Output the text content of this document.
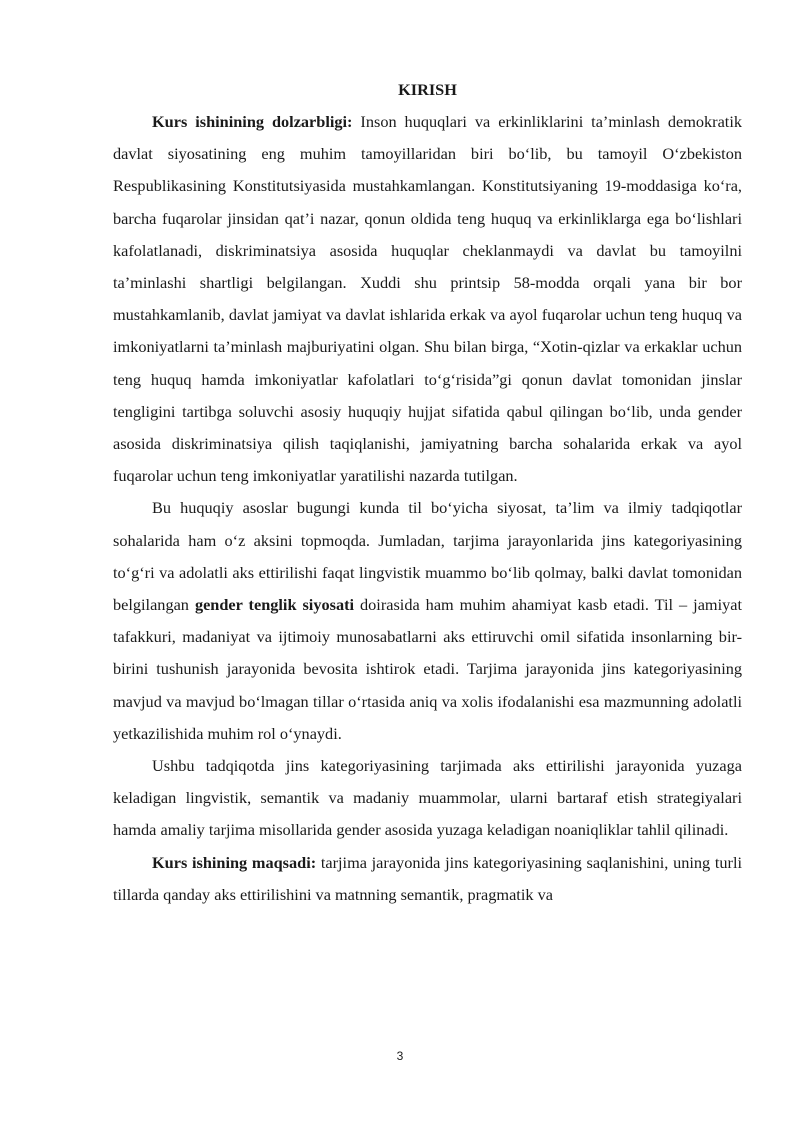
KIRISH

Kurs ishinining dolzarbligi: Inson huquqlari va erkinliklarini ta’minlash demokratik davlat siyosatining eng muhim tamoyillaridan biri bo‘lib, bu tamoyil O‘zbekiston Respublikasining Konstitutsiyasida mustahkamlangan. Konstitutsiyaning 19-moddasiga ko‘ra, barcha fuqarolar jinsidan qat’i nazar, qonun oldida teng huquq va erkinliklarga ega bo‘lishlari kafolatlanadi, diskriminatsiya asosida huquqlar cheklanmaydi va davlat bu tamoyilni ta’minlashi shartligi belgilangan. Xuddi shu printsip 58-modda orqali yana bir bor mustahkamlanib, davlat jamiyat va davlat ishlarida erkak va ayol fuqarolar uchun teng huquq va imkoniyatlarni ta’minlash majburiyatini olgan. Shu bilan birga, “Xotin-qizlar va erkaklar uchun teng huquq hamda imkoniyatlar kafolatlari to‘g‘risida”gi qonun davlat tomonidan jinslar tengligini tartibga soluvchi asosiy huquqiy hujjat sifatida qabul qilingan bo‘lib, unda gender asosida diskriminatsiya qilish taqiqlanishi, jamiyatning barcha sohalarida erkak va ayol fuqarolar uchun teng imkoniyatlar yaratilishi nazarda tutilgan.

Bu huquqiy asoslar bugungi kunda til bo‘yicha siyosat, ta’lim va ilmiy tadqiqotlar sohalarida ham o‘z aksini topmoqda. Jumladan, tarjima jarayonlarida jins kategoriyasining to‘g‘ri va adolatli aks ettirilishi faqat lingvistik muammo bo‘lib qolmay, balki davlat tomonidan belgilangan gender tenglik siyosati doirasida ham muhim ahamiyat kasb etadi. Til – jamiyat tafakkuri, madaniyat va ijtimoiy munosabatlarni aks ettiruvchi omil sifatida insonlarning bir-birini tushunish jarayonida bevosita ishtirok etadi. Tarjima jarayonida jins kategoriyasining mavjud va mavjud bo‘lmagan tillar o‘rtasida aniq va xolis ifodalanishi esa mazmunning adolatli yetkazilishida muhim rol o‘ynaydi.

Ushbu tadqiqotda jins kategoriyasining tarjimada aks ettirilishi jarayonida yuzaga keladigan lingvistik, semantik va madaniy muammolar, ularni bartaraf etish strategiyalari hamda amaliy tarjima misollarida gender asosida yuzaga keladigan noaniqliklar tahlil qilinadi.

Kurs ishining maqsadi: tarjima jarayonida jins kategoriyasining saqlanishini, uning turli tillarda qanday aks ettirilishini va matnning semantik, pragmatik va

3
